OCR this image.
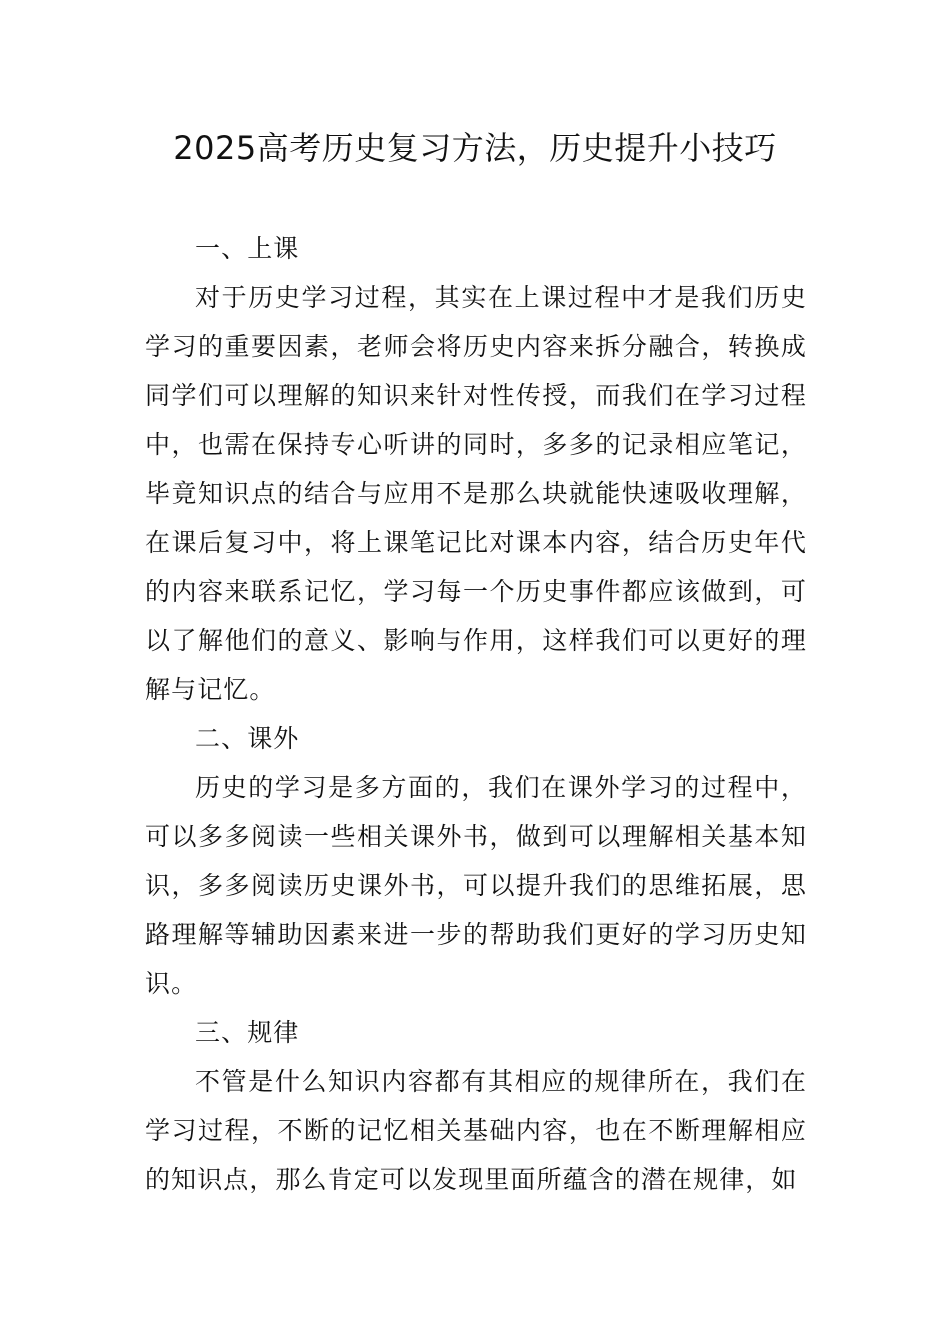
2025高考历史复习方法，历史提升小技巧

一、上课

对于历史学习过程，其实在上课过程中才是我们历史学习的重要因素，老师会将历史内容来拆分融合，转换成同学们可以理解的知识来针对性传授，而我们在学习过程中，也需在保持专心听讲的同时，多多的记录相应笔记，毕竟知识点的结合与应用不是那么块就能快速吸收理解，在课后复习中，将上课笔记比对课本内容，结合历史年代的内容来联系记忆，学习每一个历史事件都应该做到，可以了解他们的意义、影响与作用，这样我们可以更好的理解与记忆。

二、课外

历史的学习是多方面的，我们在课外学习的过程中，可以多多阅读一些相关课外书，做到可以理解相关基本知识，多多阅读历史课外书，可以提升我们的思维拓展，思路理解等辅助因素来进一步的帮助我们更好的学习历史知识。

三、规律

不管是什么知识内容都有其相应的规律所在，我们在学习过程，不断的记忆相关基础内容，也在不断理解相应的知识点，那么肯定可以发现里面所蕴含的潜在规律，如
